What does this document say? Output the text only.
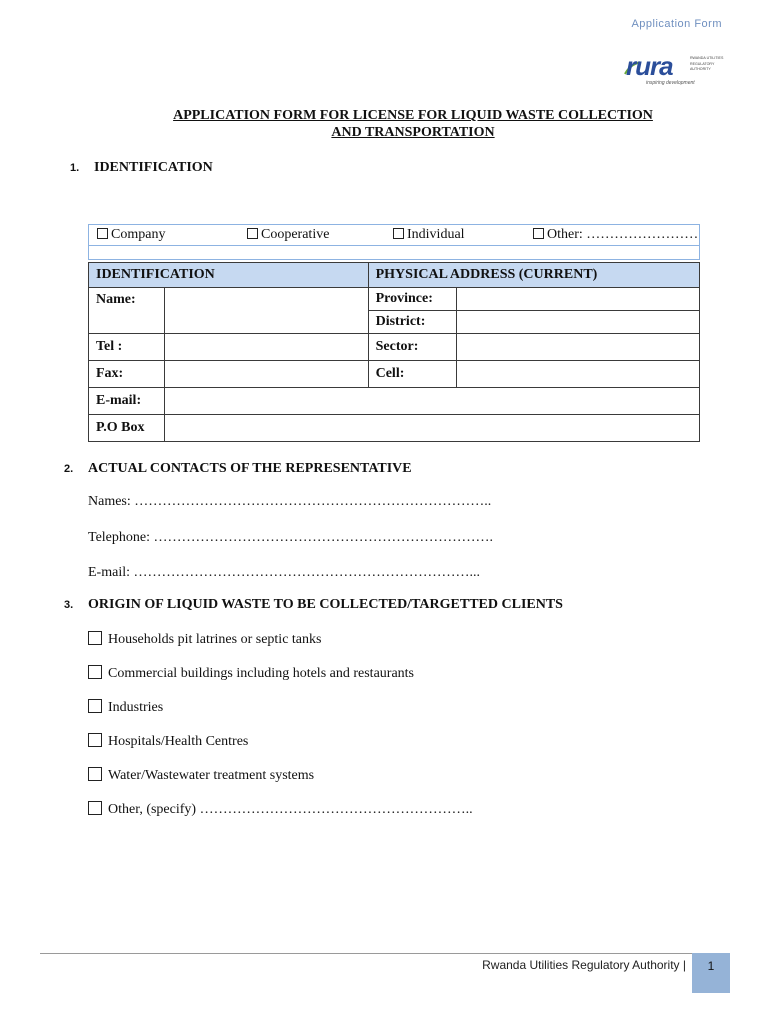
Application Form
rura	RWANDA UTILITIES REGULATORY AUTHORITY
inspiring development
APPLICATION FORM FOR LICENSE FOR LIQUID WASTE COLLECTION
AND TRANSPORTATION
1. IDENTIFICATION
Company	Cooperative	Individual	Other: ……………………
IDENTIFICATION		PHYSICAL ADDRESS (CURRENT)	
Name:		Province:	
		District:	
Tel :		Sector:	
Fax:		Cell:	
E-mail:			
P.O Box			
2. ACTUAL CONTACTS OF THE REPRESENTATIVE
Names: …………………………………………………………………..
Telephone: ……………………………………………………………….
E-mail: ………………………………………………………………...
3. ORIGIN OF LIQUID WASTE TO BE COLLECTED/TARGETTED CLIENTS
Households pit latrines or septic tanks
Commercial buildings including hotels and restaurants
Industries
Hospitals/Health Centres
Water/Wastewater treatment systems
Other, (specify) …………………………………………………..
Rwanda Utilities Regulatory Authority |	1
